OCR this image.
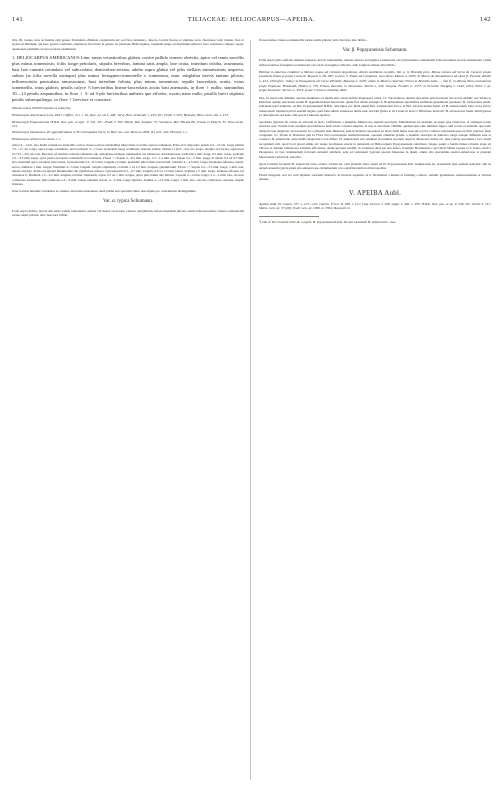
141	TILIACEAE: HELIOCARPUS—APEIBA.	142

Obs. III. Genus certe arctissime cum genere Triumfetta affinitate conjunctum est; sed flore tetramero, dioecia, loculis fructus et stigmate recto discernere valet videtur, licet et sponte ut Bentham, qui haec genera conferunt, enumerare licet nunc in genere. In plerisque Hiatis ligulae, capsulam neque ad diandrium subrecta; haec relationes comparo repeti, quantopere permultis accepi accurate examinanti.

1. HELIOCARPUS AMERICANUS Linn. ramis vetustioribus glabris cortice pallido cinereo obtectis, apice vel ramis novellis plus minus tomentosis; foliis longe petiolatis, stipulis brevibus, lamina satis ampla, late ovata, interdum triloba, acuminata, basi late cuneata rotundata vel subcordata, denticulato-serrata, adulta supra glabra vel pilis stellatis minutissimis inspersa, subtus (at folia novella utrinque) plus minus ferrugineo-tomentella v. tomentosa, nunc subglabra nervis tantum pilosis; inflorescentia paniculata ramosissima, basi interdum foliata, plus minus tomentosa; sepalis lanceolatis acutis, extus tomentellis, intus glabris; petalis calyce ⅓ brevioribus lineari-lanceolatis acutis basi attenuatis, in flore ♀ nullis; staminibus 10—14 petalis aequantibus, in flore ♀ 3- ad 4-plo brevioribus antheris que effoetis; ovario nano nullo; pistillo brevi stipitato petalis subaequilongo, in flore ♀ breviore et crassiore.

Tabula nostra XXVIII (habitus et analysis).

Heliocarpus Americanus Linn. Hort. Cliffort. 211. t. 16, Spec. pl. ed. I. 448; Jacq. Hort. Schoenbr. t. 455; DC. Prodr. I. 503; Hemsley, Biol. Centr. Am. I. 133.

Heliocarpus Popayanensis H.B.K. Nov. gen. et spec. V. 341; DC. Prodr. I. 503; Benth. Bot. Sulphur 75; Seemann, Bot. Herald 86; Triana et Planch. Fl. Novo-Gran. 221.

Heliocarpus tomentosus, H. appendiculatus et H. trichopodus Turcz. in Bull. soc. nat. Moscou 1858. (I.) 225, 226; Hemsley l. c.

Heliocarpus arborescens Seem. l. c.

Arbor 6—14 m. alta. Rami vetustiores lenticellis cortice cinereo-olivae subnudibus tuberculati, novellis copiose tomentosi. Folia ad ⅔ disposita; petioli 2,5—10 cm. longi, lamina 7,5—17 cm. longa, apice longe acuminata; nervi primarii 5—7 basi, secundarii longe acuminati, sinuatis subtus; lamina 11 (6,5—22) cm. longa, ribadita vel tricata; superiores 10,5 (5—20) cm. lata. Bracteae ad rhachin reductae subulatae sub orbiculatae utrinque tomentellae vel tomentoso subtomentosae; pedicelli 1 mm. longi, 0,5 mm. crassi, pedicelli 2,5—3,5 mm. longi, apice paulo incrassati, tomentelli vel tomentosi. Flores ♂: Sepala 5—6,5 mm. longa, 1,5—1,5 mm. lata. Petala 5,5—5 mm. longa, in medio 0,3 ad 0,7 mm. lata, interdum apice serrulata subcordata. Gynophorum 0,3—0,5 mm. longum et latum, glandulis subcordatis instructum. Stamina 4—4,5 mm. longa; filamenta subulata, tenuia, erecta, antherae 1 mm. longae. Pistillum 4—5 mm. longum, longius stipitatum; ovarium 1 ad 1,2 mm. longum, glandulosum. Flores ♀: Sepala 2,5—3,5 mm. longa, 1 mm. lata, lineari-oblonga. Petala ad apicem minutissime sub glandulosa reducta. Gynophorum 0,5—0,7 mm. longum, 0,9 ad 1,2 mm. latum. Stamina 1,5 mm. longa, antherae effoetae vel obsoletae 0. Pistillum 1,5—2,2 mm. longum, breviter stipitatum; stylus 0,5 ad 1 mm. longus, apice plus minus sile bifidus. Capsula 2—4 mm. longa, 2,5—5 mm. lata, obovata compressa tomentosa, pilis plumosis 2,5—6 mm. longis radiatim ornata, 4—5 mm. longe stipitata. Semina 2—2,5 mm. longa, 1 mm. lata, obovata compressa castanea, rhaphe brunnea.

Inter formas maxime variabiles et omnino invicem transeuntes duas prima sub speciem titulo descriptas pro varietatibus distinguimus:

Var. α. typica Schumann.

Folia supra glabra, nervis sub lente valida tomentella, subtus vix dense vel leviter cinereo subglabrata nervis interdum pilosis; ramis inflorescentiae cinereo-tomentellis rarius ramis pilosis; stilo breviore bifido.

florescentiae cinereo-tomentellis rarius ramis pilosis; stilo breviore alte bifido.

Var. β. Popayanensis Schumann.

Folia supra pilis stellatis minutis inspersa nervis tomentellis, subtus cinereo-ferruginea tomentosis vel pulverulento-tomentellis inflorescentiae nervis subtellosis; ramis inflorescentiae ferrugineo-tomentosis vel sordo-ferrugineo-villosis; stilo longiore minus alte bifido.

Habitat in America calidiore a Mexico usque ad civitates Argentinas, densis Antillanis exceptis. Var. α. in Brasilia prov. Minas Geraes ad Serra de Caracol prope praedium Pasta et prope Caracol: Regnell n. III. 283; in prov. S. Paulo ad Campinas, loco dicto: Moura n. 2093; in Morro de Tamanduá et ad ripas fl. Paraná: Riedel n. 434, 1394 (fort. Julio); in Paraguaria ad Cerro d'Pobini: Balansa n. 3295; etiam in Mexico reperitur. Floret in Brasilia Julio. — Var. β. in ditione Novo-Granatensi prope Popayan: Humboldt, Hallen n. 776, Triana, Karsten; in Venezuela: Moritz n. 326, Jacquin, Fendler n. 1577; in Peruvia: Poeppig n. 1449, 1694, 3262; c. gr. prope Tarapoto: Spruce n. 4534; prope Cuchero: Dombey, Ruiz.

Obs. Ut supra jam diximus, species indumento et multis aliis characteribus magnopere variat. Cl. Turczaninow duabus speciebus jam descriptis tres novas addidit; sed Triana et Planchon optime jam unam earum H. appendiculatum deleverunt, quum flos omnis exempla ll. Bonplandianae specimibus bacillibus glandulosis gaudeant; H. trichopodus etiam, salicetum haud exhibitis, ad Hel. Popayanensem H.B.K. adscriptos est. Idem autem Hel. tomentosum Turcz. et Hel. arborescentem Seem. ad H. Americanum Linn. nexu stricto transportent. Opinioni priori assentit negare, quia folia subtus tomentosa nullis sunt, sed tam glabra et ill. Linné, in horto Cliffortiano indicavit. H. arborescens Seem. nihil ignotus ex descriptione sed bene cum specie Linneana quadrat.

Specimen typicum Ill. Linné ad arborem in horto Cliffortiano a tempibus Meslevacia enutum descripsit. Munitioribus est plantam, ut nuper ipse observavi, et variisque possit annotata esse. Notitas inter exempla speciaminosa nullo modo caveant simplici, ut non et descriptio vidilimi, quidem ipse vidi, limnaeta figura cum icones et tabulam, quia tunc temporis non diagnosit. Sed secundo loco plantam bene illustrare, sunt in herbario speculosa ex horto Italis hujus exercuit et prior collecta scriptorum quae perficit cum hoc juste congruunt. Cl. Triana et Planchon jam in Flora Novo-Granatensi animadverterunt, speciem omnibus grande a Kunthio descripta in America longe lateque diffusam esse et conserva H. Americani, quae multis diagnostica non differt. H. Americanus sub omnibus in terminis speciem negavit, Mexicano metus est. Ipse ratione specimen e loco natali recognitum vidi, quod locat placet simile sit; neque hocditanea exacta in numerum ad Heliocarpum Popayanensem adscribere. Itaque, quum a formis minus robustis atque ad villosas et demum tomentosas transitus efficiantur, unam speciem reddidi, in varietates duas jus non habeo. Exempla Brasiliensia e provincia Minas Geraes et S. Paulo, dixit a Paraguaria, ut vero indumentum foliorum subsistit exhibent, sunt ad varietatem typicam speciei linneanae in duam, omnia alia speciamina Austro-Americana et plantam Mexicanam varietati β. adscribo.

Quod formam Jacquinii H. Americani Linn. attinet, certum est, eam plantam altera quam ad H. Popayanensem Kth. enumeranda sit, praesertim quia quidem indicatis cum ea Americanarum typicis etiam sint adunant esse. Indumentum vero exprimit etiam ita illud repetitur.

Ferma integrula, sed via cum bipinnis varietatis distincta, in Peruvia reperitur, in h. Brasiliensi a Riedel et Dombey collecta, ramulis glandulosis tomentosissimis et villosis densiss.

V. APEIBA Aubl.

Apeiba Aubl. Pl. Guian. 537. t. 213—216; Gaertn. Fruct. II. 188. t. 121; Lam. Encycl. I. 208, suppl. I. 466. t. 470; H.B.K. Nov. gen. et sp. V. 346; DC. Prodr. I. 511; Meisn. Gen. pl. 37 (28); Endl. Gen. pl. 1006. n. 5364; Bocquill. in

¹) Jam cl. De Candolle in Prodr. conjecit, H. Popayanensem Kth. nil nisi varietatem H. Americani L. esse.
